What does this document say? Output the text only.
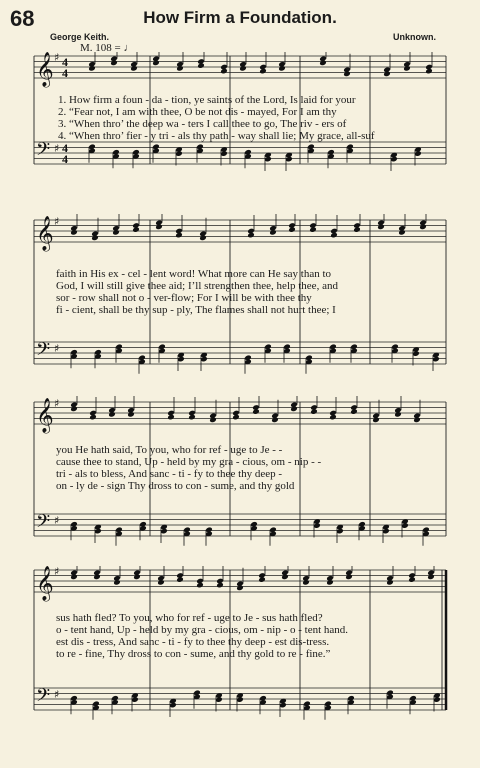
68	How Firm a Foundation.
George Keith.	Unknown.
M. 108 = ♩
𝄞 ♯ 4
4
𝄢 ♯ 4
4
1. How firm a foun - da - tion, ye saints of the Lord, Is laid for your
2. “Fear not, I am with thee, O be not dis - mayed, For I am thy
3. “When thro’ the deep wa - ters I call thee to go, The riv - ers of
4. “When thro’ fier - y tri - als thy path - way shall lie; My grace, all-suf
𝄞 ♯
𝄢 ♯
faith in His ex - cel - lent word! What more can He say than to
God, I will still give thee aid; I’ll strengthen thee, help thee, and
sor - row shall not o - ver-flow; For I will be with thee thy
fi - cient, shall be thy sup - ply, The flames shall not hurt thee; I
𝄞 ♯
𝄢 ♯
you He hath said, To you, who for ref - uge to Je - -
cause thee to stand, Up - held by my gra - cious, om - nip - -
tri - als to bless, And sanc - ti - fy to thee thy deep -
on - ly de - sign Thy dross to con - sume, and thy gold
𝄞 ♯
𝄢 ♯
sus hath fled? To you, who for ref - uge to Je - sus hath fled?
o - tent hand, Up - held by my gra - cious, om - nip - o - tent hand.
est dis - tress, And sanc - ti - fy to thee thy deep - est dis-tress.
to re - fine, Thy dross to con - sume, and thy gold to re - fine.”
